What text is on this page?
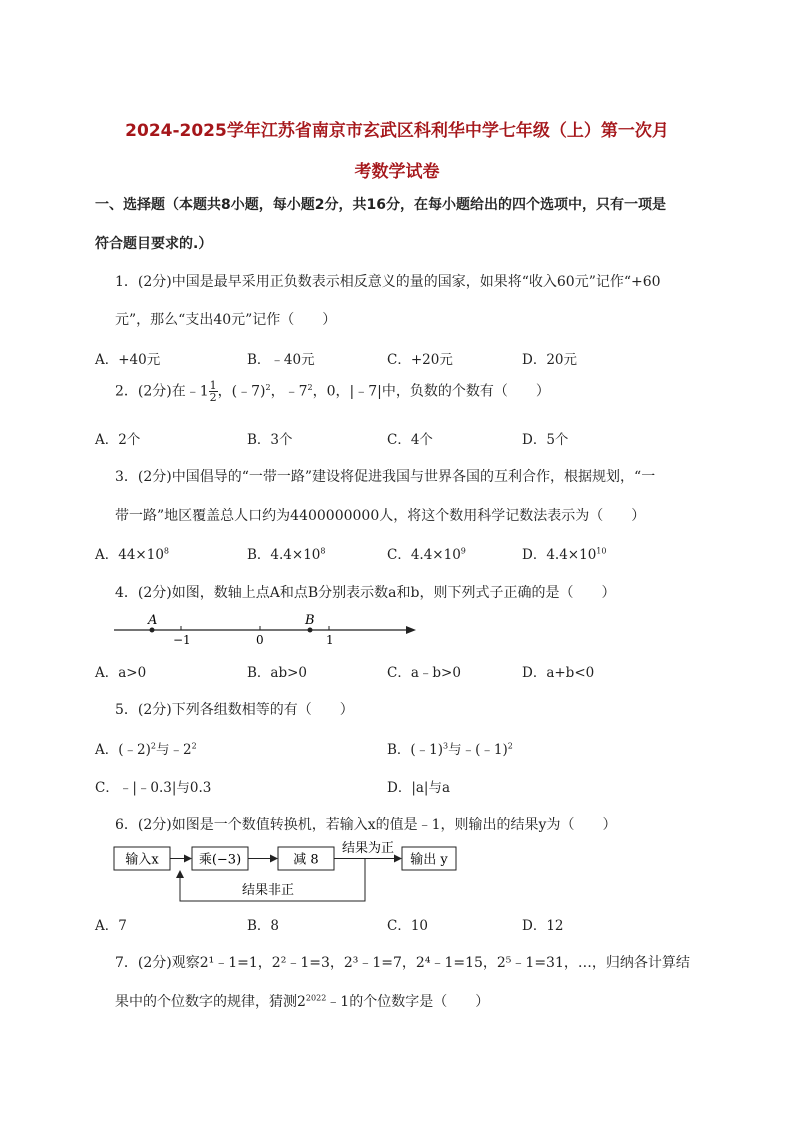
2024-2025学年江苏省南京市玄武区科利华中学七年级（上）第一次月
考数学试卷
一、选择题（本题共8小题，每小题2分，共16分，在每小题给出的四个选项中，只有一项是
符合题目要求的.）
1．(2分)中国是最早采用正负数表示相反意义的量的国家，如果将“收入60元”记作“+60
元”，那么“支出40元”记作（　　）
A．+40元	B．﹣40元	C．+20元	D．20元
2．(2分)在﹣1 $\frac{1}{2}$ ，(﹣7)$^2$，$﹣7^2$，0，|﹣7|中，负数的个数有（　　）
A．2个	B．3个	C．4个	D．5个
3．(2分)中国倡导的“一带一路”建设将促进我国与世界各国的互利合作，根据规划，“一
带一路”地区覆盖总人口约为4400000000人，将这个数用科学记数法表示为（　　）
A．$44\times 10^8$	B．$4.4\times 10^8$	C．$4.4\times 10^9$	D．$4.4\times 10^{10}$
4．(2分)如图，数轴上点A和点B分别表示数a和b，则下列式子正确的是（　　）
A	B
−1	0	1
A．a>0	B．ab>0	C．a﹣b>0	D．a+b<0
5．(2分)下列各组数相等的有（　　）
A．(﹣2)$^2$与$﹣2^2$	B．(﹣1)$^3$与﹣(﹣1)$^2$
C．﹣|﹣0.3|与0.3	D．|a|与a
6．(2分)如图是一个数值转换机，若输入x的值是﹣1，则输出的结果y为（　　）
输入x	乘(−3)	减 8	输出 y
结果为正
结果非正
A．7	B．8	C．10	D．12
7．(2分)观察2¹﹣1=1，2²﹣1=3，2³﹣1=7，2⁴﹣1=15，2⁵﹣1=31，…，归纳各计算结
果中的个位数字的规律，猜测$2^{2022}﹣1$的个位数字是（　　）
